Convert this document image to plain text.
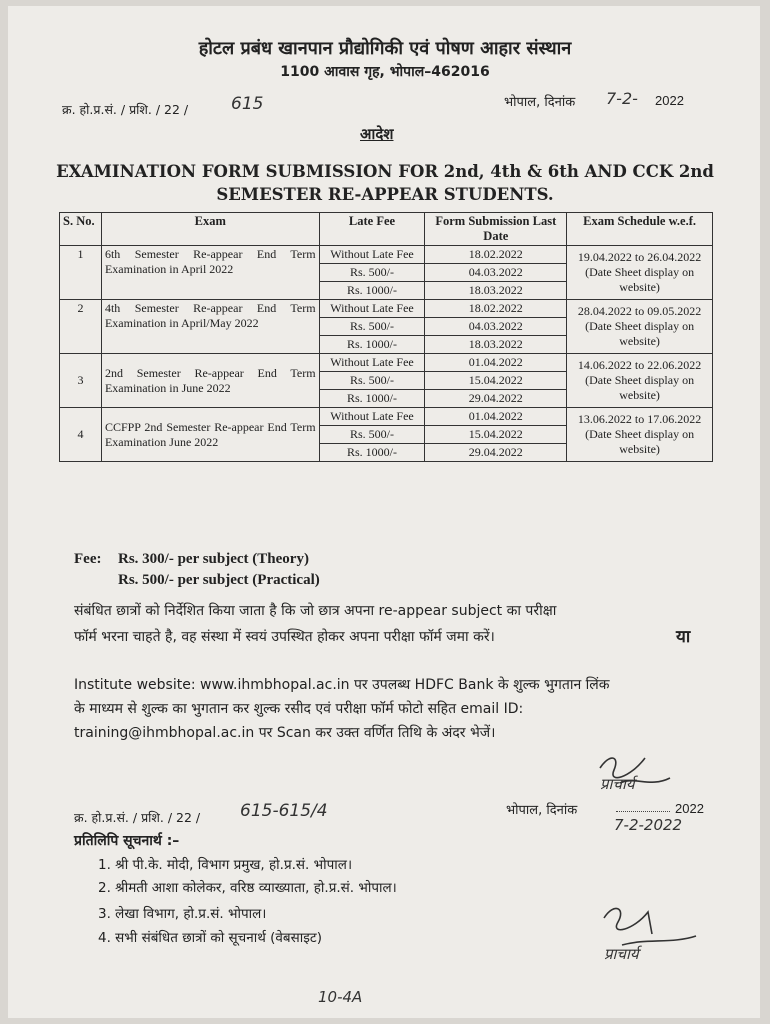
होटल प्रबंध खानपान प्रौद्योगिकी एवं पोषण आहार संस्थान
1100 आवास गृह, भोपाल–462016
क्र. हो.प्र.सं. / प्रशि. / 22 /	615	भोपाल, दिनांक 7-2- 2022
आदेश
EXAMINATION FORM SUBMISSION FOR 2nd, 4th & 6th AND CCK 2nd
SEMESTER RE-APPEAR STUDENTS.
S. No.	Exam	Late Fee	Form Submission Last Date	Exam Schedule w.e.f.
1	6th Semester Re-appear End Term Examination in April 2022	Without Late Fee	18.02.2022	19.04.2022 to 26.04.2022 (Date Sheet display on website)
		Rs. 500/-	04.03.2022	
		Rs. 1000/-	18.03.2022	
2	4th Semester Re-appear End Term Examination in April/May 2022	Without Late Fee	18.02.2022	28.04.2022 to 09.05.2022 (Date Sheet display on website)
		Rs. 500/-	04.03.2022	
		Rs. 1000/-	18.03.2022	
3	2nd Semester Re-appear End Term Examination in June 2022	Without Late Fee	01.04.2022	14.06.2022 to 22.06.2022 (Date Sheet display on website)
		Rs. 500/-	15.04.2022	
		Rs. 1000/-	29.04.2022	
4	CCFPP 2nd Semester Re-appear End Term Examination June 2022	Without Late Fee	01.04.2022	13.06.2022 to 17.06.2022 (Date Sheet display on website)
		Rs. 500/-	15.04.2022	
		Rs. 1000/-	29.04.2022	
Fee: Rs. 300/- per subject (Theory)
Rs. 500/- per subject (Practical)
संबंधित छात्रों को निर्देशित किया जाता है कि जो छात्र अपना re-appear subject का परीक्षा
फॉर्म भरना चाहते है, वह संस्था में स्वयं उपस्थित होकर अपना परीक्षा फॉर्म जमा करें।	या
Institute website: www.ihmbhopal.ac.in पर उपलब्ध HDFC Bank के शुल्क भुगतान लिंक
के माध्यम से शुल्क का भुगतान कर शुल्क रसीद एवं परीक्षा फॉर्म फोटो सहित email ID:
training@ihmbhopal.ac.in पर Scan कर उक्त वर्णित तिथि के अंदर भेजें।
प्राचार्य
क्र. हो.प्र.सं. / प्रशि. / 22 / 615-615/4	भोपाल, दिनांक	2022
7-2-2022
प्रतिलिपि सूचनार्थ :–
1. श्री पी.के. मोदी, विभाग प्रमुख, हो.प्र.सं. भोपाल।
2. श्रीमती आशा कोलेकर, वरिष्ठ व्याख्याता, हो.प्र.सं. भोपाल।
3. लेखा विभाग, हो.प्र.सं. भोपाल।
4. सभी संबंधित छात्रों को सूचनार्थ (वेबसाइट)
प्राचार्य
10-4A
